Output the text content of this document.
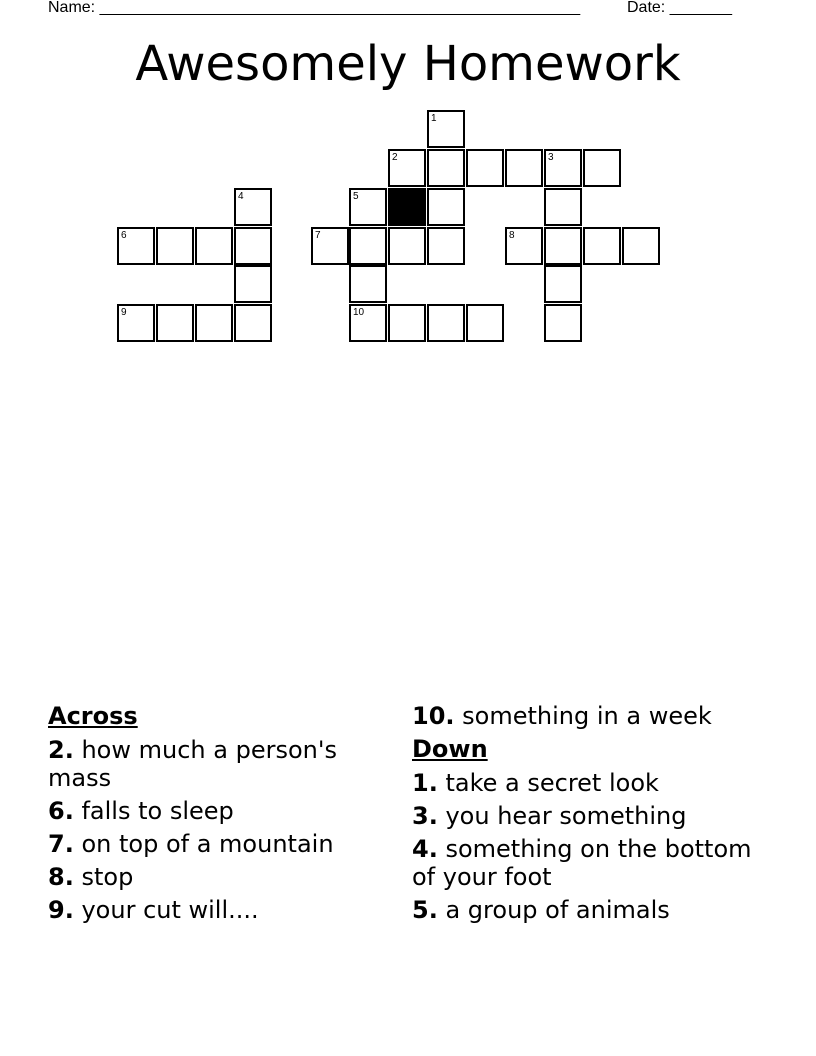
Name: ______________________________________________________	Date: _______
Awesomely Homework
1
2	3
4	5
6	7	8
9	10
Across
2. how much a person's mass
6. falls to sleep
7. on top of a mountain
8. stop
9. your cut will....
10. something in a week
Down
1. take a secret look
3. you hear something
4. something on the bottom of your foot
5. a group of animals
